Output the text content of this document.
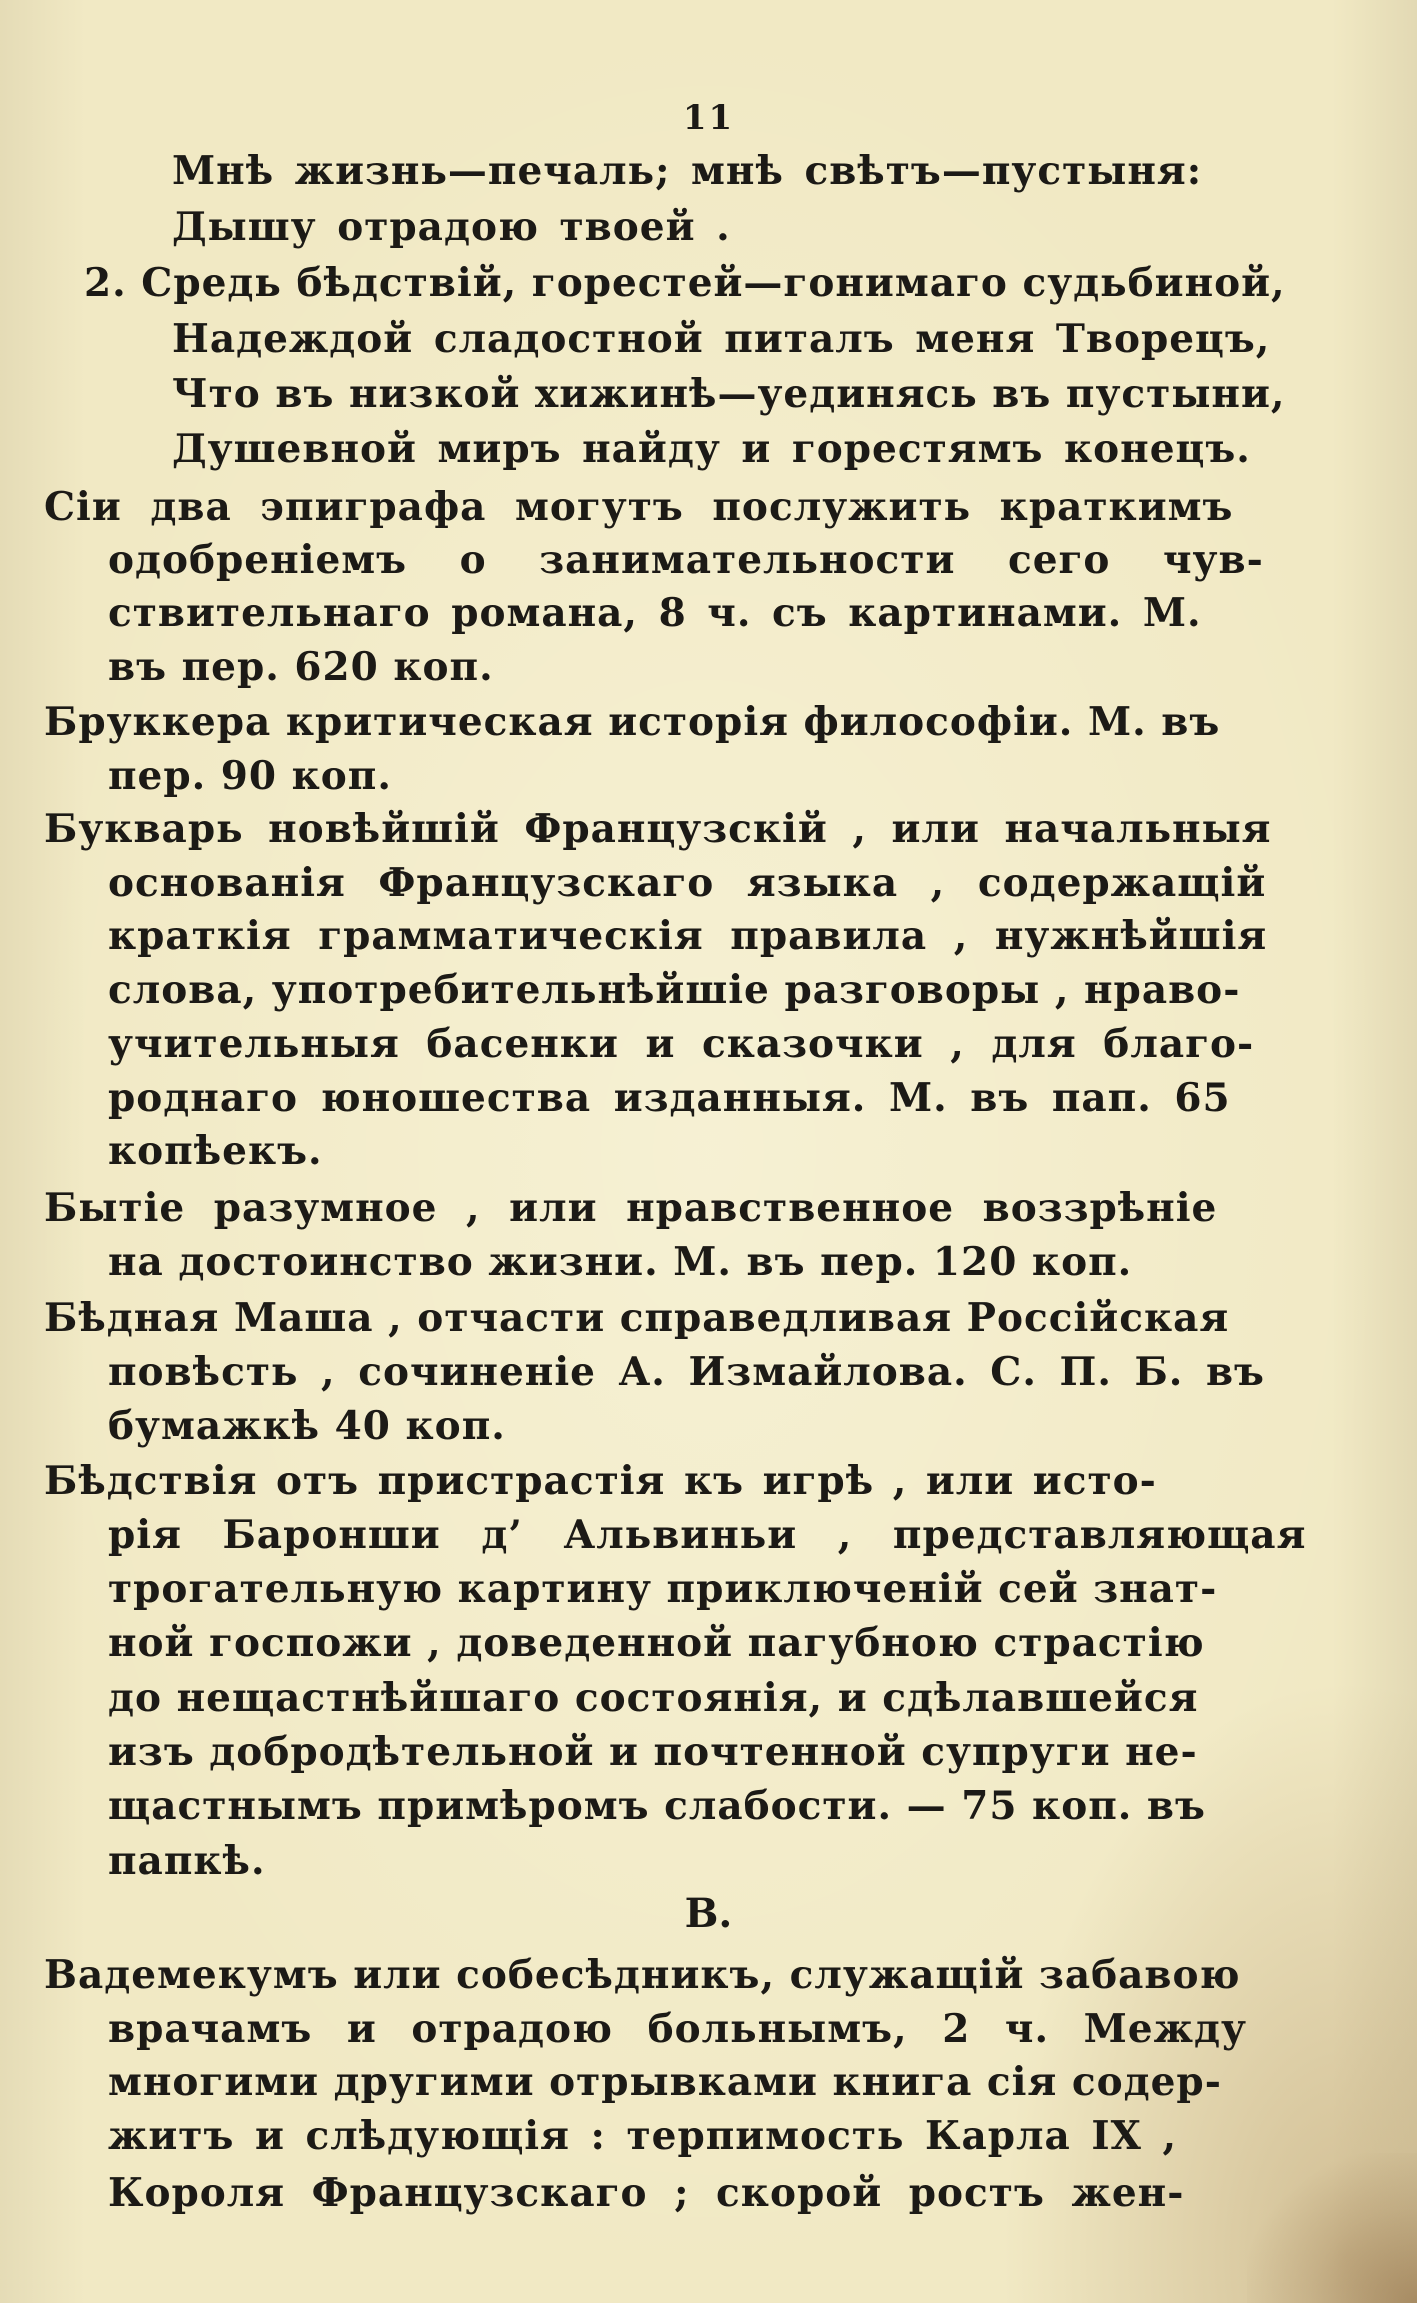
11
Мнѣ жизнь—печаль; мнѣ свѣтъ—пустыня:
Дышу отрадою твоей .
2. Средь бѣдствій, горестей—гонимаго судьбиной,
Надеждой сладостной питалъ меня Творецъ,
Что въ низкой хижинѣ—уединясь въ пустыни,
Душевной миръ найду и горестямъ конецъ.
Сіи два эпиграфа могутъ послужить краткимъ
одобреніемъ о занимательности сего чув-
ствительнаго романа, 8 ч. съ картинами. М.
въ пер. 620 коп.
Бруккера критическая исторія философіи. М. въ
пер. 90 коп.
Букварь новѣйшій Французскій , или начальныя
основанія Французскаго языка , содержащій
краткія грамматическія правила , нужнѣйшія
слова, употребительнѣйшіе разговоры , нраво-
учительныя басенки и сказочки , для благо-
роднаго юношества изданныя. М. въ пап. 65
копѣекъ.
Бытіе разумное , или нравственное воззрѣніе
на достоинство жизни. М. въ пер. 120 коп.
Бѣдная Маша , отчасти справедливая Россійская
повѣсть , сочиненіе А. Измайлова. С. П. Б. въ
бумажкѣ 40 коп.
Бѣдствія отъ пристрастія къ игрѣ , или исто-
рія Баронши д’ Альвиньи , представляющая
трогательную картину приключеній сей знат-
ной госпожи , доведенной пагубною страстію
до нещастнѣйшаго состоянія, и сдѣлавшейся
изъ добродѣтельной и почтенной супруги не-
щастнымъ примѣромъ слабости. — 75 коп. въ
папкѣ.
В.
Вадемекумъ или собесѣдникъ, служащій забавою
врачамъ и отрадою больнымъ, 2 ч. Между
многими другими отрывками книга сія содер-
житъ и слѣдующія : терпимость Карла IX ,
Короля Французскаго ; скорой ростъ жен-
